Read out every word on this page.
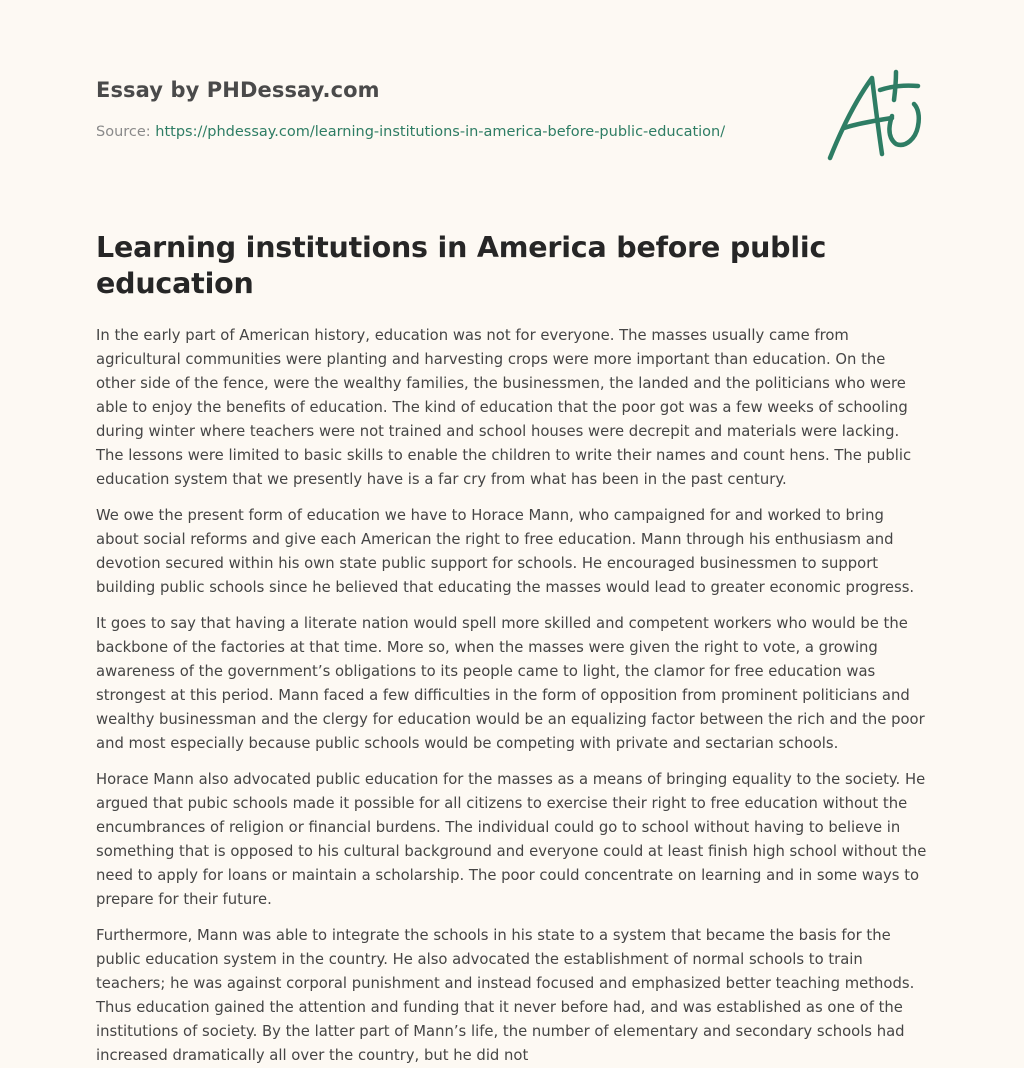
Essay by PHDessay.com
Source: https://phdessay.com/learning-institutions-in-america-before-public-education/
Learning institutions in America before public education

In the early part of American history, education was not for everyone. The masses usually came from agricultural communities were planting and harvesting crops were more important than education. On the other side of the fence, were the wealthy families, the businessmen, the landed and the politicians who were able to enjoy the benefits of education. The kind of education that the poor got was a few weeks of schooling during winter where teachers were not trained and school houses were decrepit and materials were lacking. The lessons were limited to basic skills to enable the children to write their names and count hens. The public education system that we presently have is a far cry from what has been in the past century.

We owe the present form of education we have to Horace Mann, who campaigned for and worked to bring about social reforms and give each American the right to free education. Mann through his enthusiasm and devotion secured within his own state public support for schools. He encouraged businessmen to support building public schools since he believed that educating the masses would lead to greater economic progress.

It goes to say that having a literate nation would spell more skilled and competent workers who would be the backbone of the factories at that time. More so, when the masses were given the right to vote, a growing awareness of the government’s obligations to its people came to light, the clamor for free education was strongest at this period. Mann faced a few difficulties in the form of opposition from prominent politicians and wealthy businessman and the clergy for education would be an equalizing factor between the rich and the poor and most especially because public schools would be competing with private and sectarian schools.

Horace Mann also advocated public education for the masses as a means of bringing equality to the society. He argued that pubic schools made it possible for all citizens to exercise their right to free education without the encumbrances of religion or financial burdens. The individual could go to school without having to believe in something that is opposed to his cultural background and everyone could at least finish high school without the need to apply for loans or maintain a scholarship. The poor could concentrate on learning and in some ways to prepare for their future.

Furthermore, Mann was able to integrate the schools in his state to a system that became the basis for the public education system in the country. He also advocated the establishment of normal schools to train teachers; he was against corporal punishment and instead focused and emphasized better teaching methods. Thus education gained the attention and funding that it never before had, and was established as one of the institutions of society. By the latter part of Mann’s life, the number of elementary and secondary schools had increased dramatically all over the country, but he did not
